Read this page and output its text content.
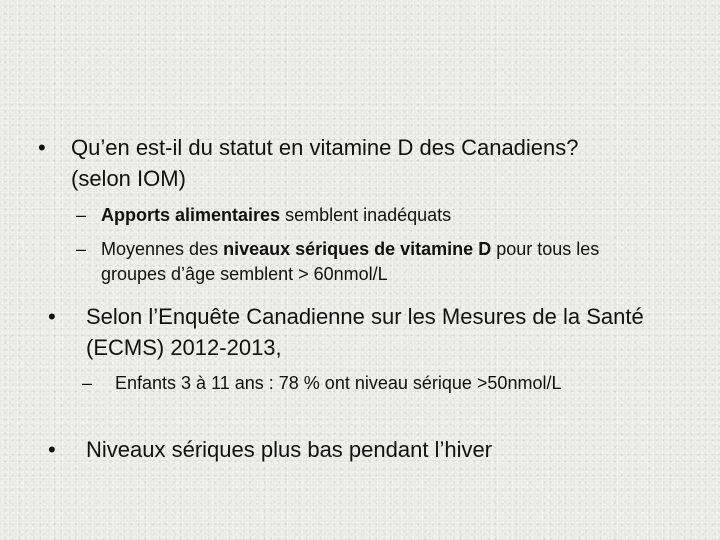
• Qu’en est-il du statut en vitamine D des Canadiens? (selon IOM)
– Apports alimentaires semblent inadéquats
– Moyennes des niveaux sériques de vitamine D pour tous les groupes d’âge semblent > 60nmol/L
• Selon l’Enquête Canadienne sur les Mesures de la Santé (ECMS) 2012-2013,
– Enfants 3 à 11 ans : 78 % ont niveau sérique >50nmol/L
• Niveaux sériques plus bas pendant l’hiver
